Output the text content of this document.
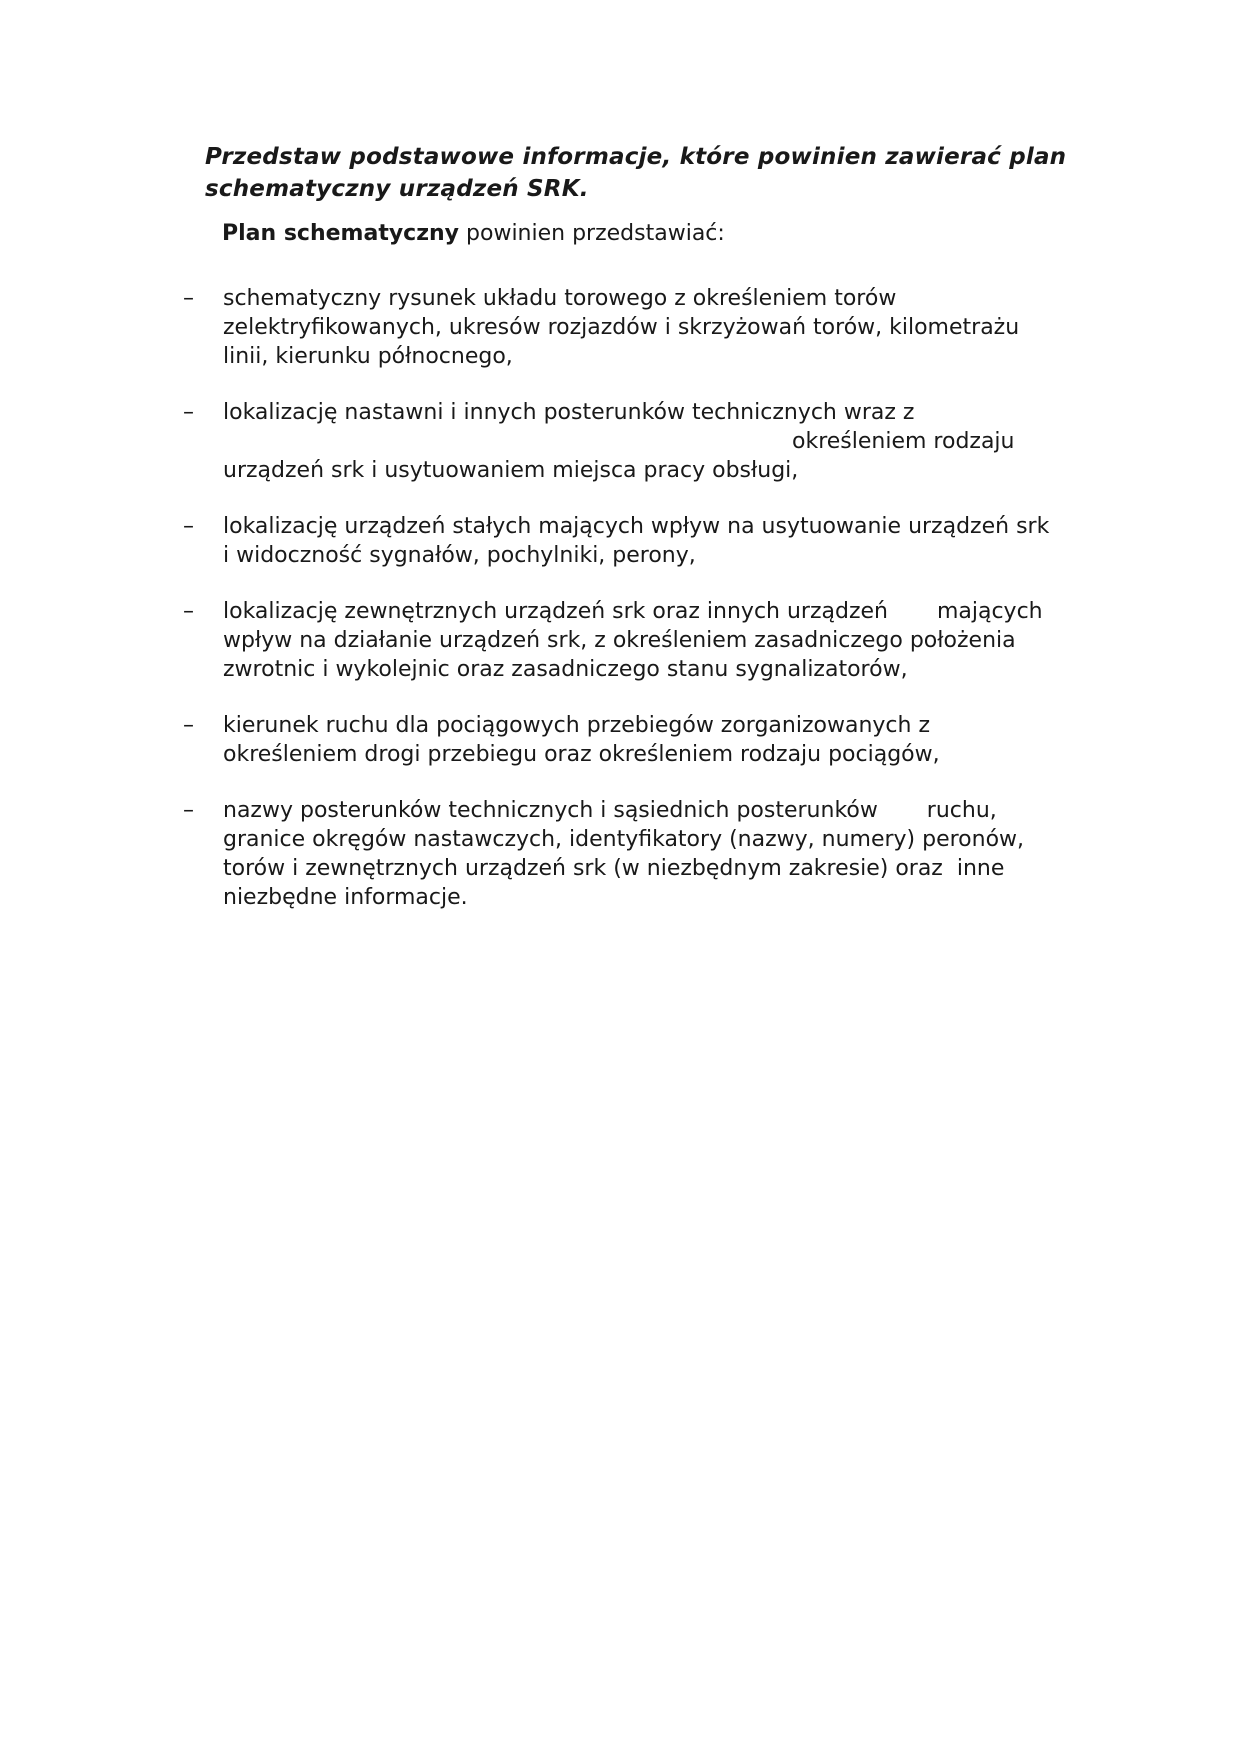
Przedstaw podstawowe informacje, które powinien zawierać plan
schematyczny urządzeń SRK.

Plan schematyczny powinien przedstawiać:

–	schematyczny rysunek układu torowego z określeniem torów
zelektryfikowanych, ukresów rozjazdów i skrzyżowań torów, kilometrażu
linii, kierunku północnego,
–	lokalizację nastawni i innych posterunków technicznych wraz z
określeniem rodzaju
urządzeń srk i usytuowaniem miejsca pracy obsługi,
–	lokalizację urządzeń stałych mających wpływ na usytuowanie urządzeń srk
i widoczność sygnałów, pochylniki, perony,
–	lokalizację zewnętrznych urządzeń srk oraz innych urządzeń       mających
wpływ na działanie urządzeń srk, z określeniem zasadniczego położenia
zwrotnic i wykolejnic oraz zasadniczego stanu sygnalizatorów,
–	kierunek ruchu dla pociągowych przebiegów zorganizowanych z
określeniem drogi przebiegu oraz określeniem rodzaju pociągów,
–	nazwy posterunków technicznych i sąsiednich posterunków       ruchu,
granice okręgów nastawczych, identyfikatory (nazwy, numery) peronów,
torów i zewnętrznych urządzeń srk (w niezbędnym zakresie) oraz  inne
niezbędne informacje.
